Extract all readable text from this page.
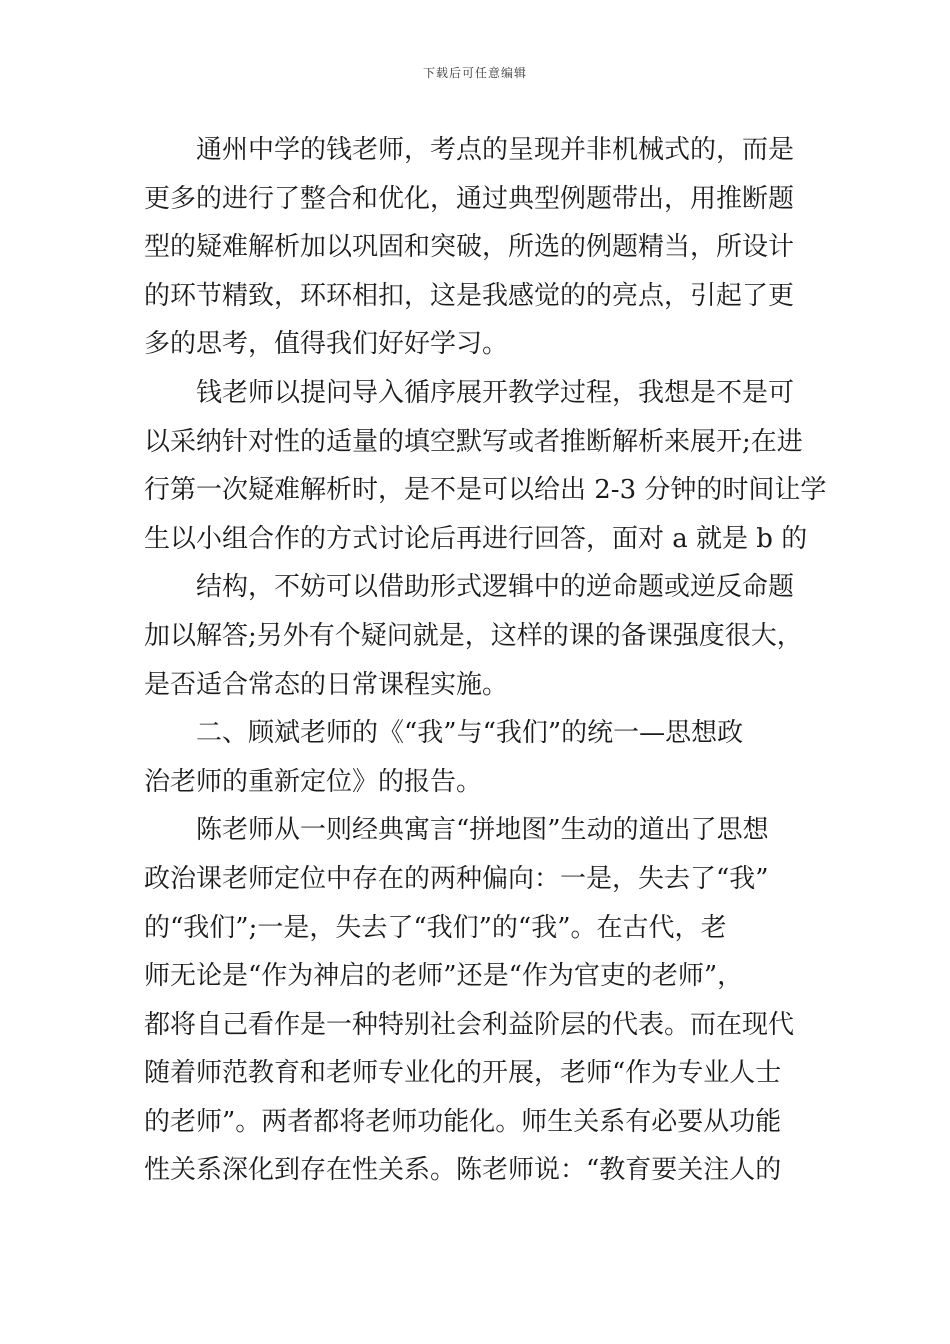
下载后可任意编辑
通州中学的钱老师，考点的呈现并非机械式的，而是
更多的进行了整合和优化，通过典型例题带出，用推断题
型的疑难解析加以巩固和突破，所选的例题精当，所设计
的环节精致，环环相扣，这是我感觉的的亮点，引起了更
多的思考，值得我们好好学习。
钱老师以提问导入循序展开教学过程，我想是不是可
以采纳针对性的适量的填空默写或者推断解析来展开;在进
行第一次疑难解析时，是不是可以给出 2-3 分钟的时间让学
生以小组合作的方式讨论后再进行回答，面对 a 就是 b 的
结构，不妨可以借助形式逻辑中的逆命题或逆反命题
加以解答;另外有个疑问就是，这样的课的备课强度很大，
是否适合常态的日常课程实施。
二、顾斌老师的《“我”与“我们”的统一—思想政
治老师的重新定位》的报告。
陈老师从一则经典寓言“拼地图”生动的道出了思想
政治课老师定位中存在的两种偏向：一是，失去了“我”
的“我们”;一是，失去了“我们”的“我”。在古代，老
师无论是“作为神启的老师”还是“作为官吏的老师”，
都将自己看作是一种特别社会利益阶层的代表。而在现代
随着师范教育和老师专业化的开展，老师“作为专业人士
的老师”。两者都将老师功能化。师生关系有必要从功能
性关系深化到存在性关系。陈老师说：“教育要关注人的
